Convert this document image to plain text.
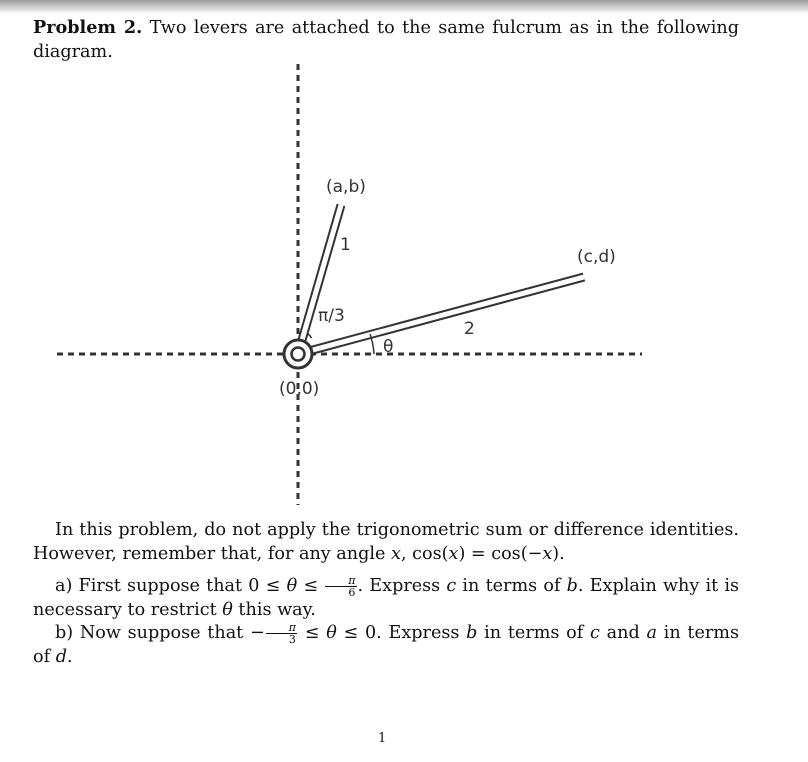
Problem 2. Two levers are attached to the same fulcrum as in the following diagram.

(a,b)
(c,d)
(0,0)
1
2
π/3
θ

In this problem, do not apply the trigonometric sum or difference identities. However, remember that, for any angle x, cos(x) = cos(−x).

a) First suppose that $0 \le \theta \le \frac{\pi}{6}$ . Express c in terms of b. Explain why it is necessary to restrict θ this way.

b) Now suppose that − $\frac{\pi}{3} \le \theta \le 0$. Express b in terms of c and a in terms of d.

1
